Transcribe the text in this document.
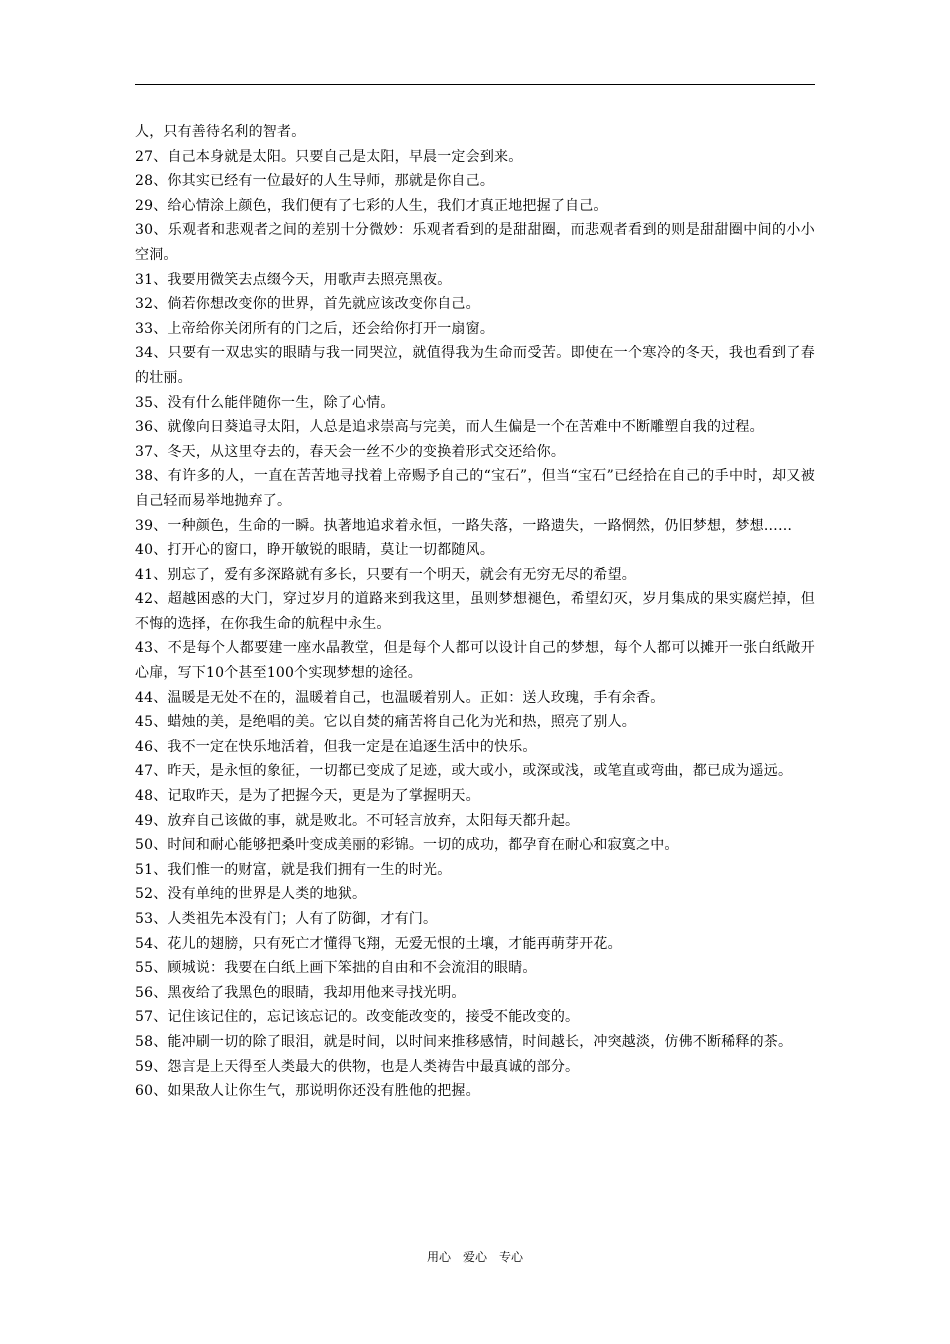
人，只有善待名利的智者。

27、自己本身就是太阳。只要自己是太阳，早晨一定会到来。

28、你其实已经有一位最好的人生导师，那就是你自己。

29、给心情涂上颜色，我们便有了七彩的人生，我们才真正地把握了自己。

30、乐观者和悲观者之间的差别十分微妙：乐观者看到的是甜甜圈，而悲观者看到的则是甜甜圈中间的小小空洞。

31、我要用微笑去点缀今天，用歌声去照亮黑夜。

32、倘若你想改变你的世界，首先就应该改变你自己。

33、上帝给你关闭所有的门之后，还会给你打开一扇窗。

34、只要有一双忠实的眼睛与我一同哭泣，就值得我为生命而受苦。即使在一个寒冷的冬天，我也看到了春的壮丽。

35、没有什么能伴随你一生，除了心情。

36、就像向日葵追寻太阳，人总是追求崇高与完美，而人生偏是一个在苦难中不断雕塑自我的过程。

37、冬天，从这里夺去的，春天会一丝不少的变换着形式交还给你。

38、有许多的人，一直在苦苦地寻找着上帝赐予自己的“宝石”，但当“宝石”已经拾在自己的手中时，却又被自己轻而易举地抛弃了。

39、一种颜色，生命的一瞬。执著地追求着永恒，一路失落，一路遗失，一路惘然，仍旧梦想，梦想……

40、打开心的窗口，睁开敏锐的眼睛，莫让一切都随风。

41、别忘了，爱有多深路就有多长，只要有一个明天，就会有无穷无尽的希望。

42、超越困惑的大门，穿过岁月的道路来到我这里，虽则梦想褪色，希望幻灭，岁月集成的果实腐烂掉，但不悔的选择，在你我生命的航程中永生。

43、不是每个人都要建一座水晶教堂，但是每个人都可以设计自己的梦想，每个人都可以摊开一张白纸敞开心扉，写下10个甚至100个实现梦想的途径。

44、温暖是无处不在的，温暖着自己，也温暖着别人。正如：送人玫瑰，手有余香。

45、蜡烛的美，是绝唱的美。它以自焚的痛苦将自己化为光和热，照亮了别人。

46、我不一定在快乐地活着，但我一定是在追逐生活中的快乐。

47、昨天，是永恒的象征，一切都已变成了足迹，或大或小，或深或浅，或笔直或弯曲，都已成为遥远。

48、记取昨天，是为了把握今天，更是为了掌握明天。

49、放弃自己该做的事，就是败北。不可轻言放弃，太阳每天都升起。

50、时间和耐心能够把桑叶变成美丽的彩锦。一切的成功，都孕育在耐心和寂寞之中。

51、我们惟一的财富，就是我们拥有一生的时光。

52、没有单纯的世界是人类的地狱。

53、人类祖先本没有门；人有了防御，才有门。

54、花儿的翅膀，只有死亡才懂得飞翔，无爱无恨的土壤，才能再萌芽开花。

55、顾城说：我要在白纸上画下笨拙的自由和不会流泪的眼睛。

56、黑夜给了我黑色的眼睛，我却用他来寻找光明。

57、记住该记住的，忘记该忘记的。改变能改变的，接受不能改变的。

58、能冲刷一切的除了眼泪，就是时间，以时间来推移感情，时间越长，冲突越淡，仿佛不断稀释的茶。

59、怨言是上天得至人类最大的供物，也是人类祷告中最真诚的部分。

60、如果敌人让你生气，那说明你还没有胜他的把握。

用心　爱心　专心
